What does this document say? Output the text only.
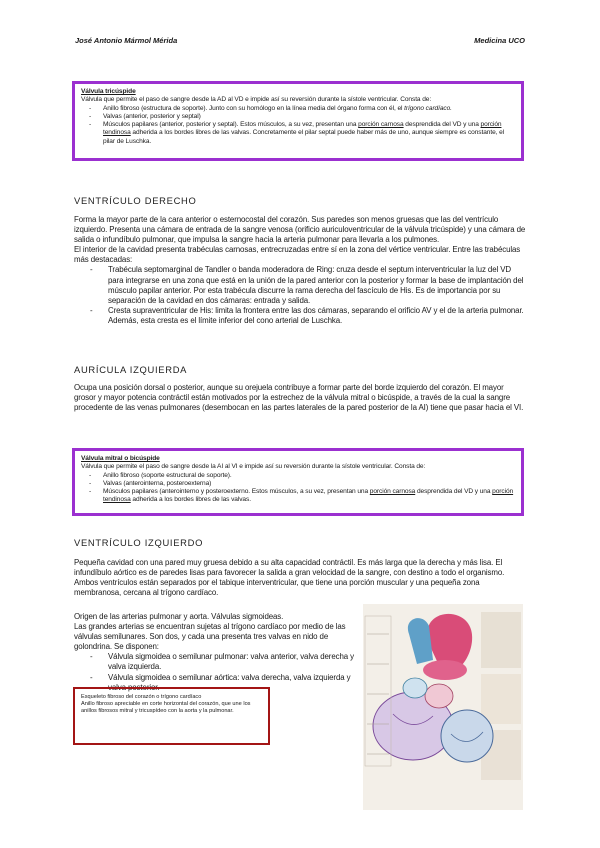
José Antonio Mármol Mérida	Medicina UCO
Válvula tricúspide
Válvula que permite el paso de sangre desde la AD al VD e impide así su reversión durante la sístole ventricular. Consta de:
- Anillo fibroso (estructura de soporte). Junto con su homólogo en la línea media del órgano forma con él, el trígono cardíaco.
- Valvas (anterior, posterior y septal)
- Músculos papilares (anterior, posterior y septal). Estos músculos, a su vez, presentan una porción carnosa desprendida del VD y una porción tendinosa adherida a los bordes libres de las valvas. Concretamente el pilar septal puede haber más de uno, aunque siempre es constante, el pilar de Luschka.
VENTRÍCULO DERECHO
Forma la mayor parte de la cara anterior o esternocostal del corazón. Sus paredes son menos gruesas que las del ventrículo izquierdo. Presenta una cámara de entrada de la sangre venosa (orificio auriculoventricular de la válvula tricúspide) y una cámara de salida o infundíbulo pulmonar, que impulsa la sangre hacia la arteria pulmonar para llevarla a los pulmones.
El interior de la cavidad presenta trabéculas carnosas, entrecruzadas entre sí en la zona del vértice ventricular. Entre las trabéculas más destacadas:
- Trabécula septomarginal de Tandler o banda moderadora de Ring: cruza desde el septum interventricular la luz del VD para integrarse en una zona que está en la unión de la pared anterior con la posterior y formar la base de implantación del músculo papilar anterior. Por esta trabécula discurre la rama derecha del fascículo de His. Es de importancia por su separación de la cavidad en dos cámaras: entrada y salida.
- Cresta supraventricular de His: limita la frontera entre las dos cámaras, separando el orificio AV y el de la arteria pulmonar. Además, esta cresta es el límite inferior del cono arterial de Luschka.
AURÍCULA IZQUIERDA
Ocupa una posición dorsal o posterior, aunque su orejuela contribuye a formar parte del borde izquierdo del corazón. El mayor grosor y mayor potencia contráctil están motivados por la estrechez de la válvula mitral o bicúspide, a través de la cual la sangre procedente de las venas pulmonares (desembocan en las partes laterales de la pared posterior de la AI) tiene que pasar hacia el VI.
Válvula mitral o bicúspide
Válvula que permite el paso de sangre desde la AI al VI e impide así su reversión durante la sístole ventricular. Consta de:
- Anillo fibroso (soporte estructural de soporte).
- Valvas (anterointerna, posteroexterna)
- Músculos papilares (anterointerno y posteroexterno. Estos músculos, a su vez, presentan una porción carnosa desprendida del VD y una porción tendinosa adherida a los bordes libres de las valvas.
VENTRÍCULO IZQUIERDO
Pequeña cavidad con una pared muy gruesa debido a su alta capacidad contráctil. Es más larga que la derecha y más lisa. El infundíbulo aórtico es de paredes lisas para favorecer la salida a gran velocidad de la sangre, con destino a todo el organismo. Ambos ventrículos están separados por el tabique interventricular, que tiene una porción muscular y una pequeña zona membranosa, cercana al trígono cardíaco.
Origen de las arterias pulmonar y aorta. Válvulas sigmoideas.
Las grandes arterias se encuentran sujetas al trígono cardíaco por medio de las válvulas semilunares. Son dos, y cada una presenta tres valvas en nido de golondrina. Se disponen:
- Válvula sigmoidea o semilunar pulmonar: valva anterior, valva derecha y valva izquierda.
- Válvula sigmoidea o semilunar aórtica: valva derecha, valva izquierda y valva posterior.
Esqueleto fibroso del corazón o trígono cardíaco
Anillo fibroso apreciable en corte horizontal del corazón, que une los anillos fibrosos mitral y tricuspídeo con la aorta y la pulmonar.
